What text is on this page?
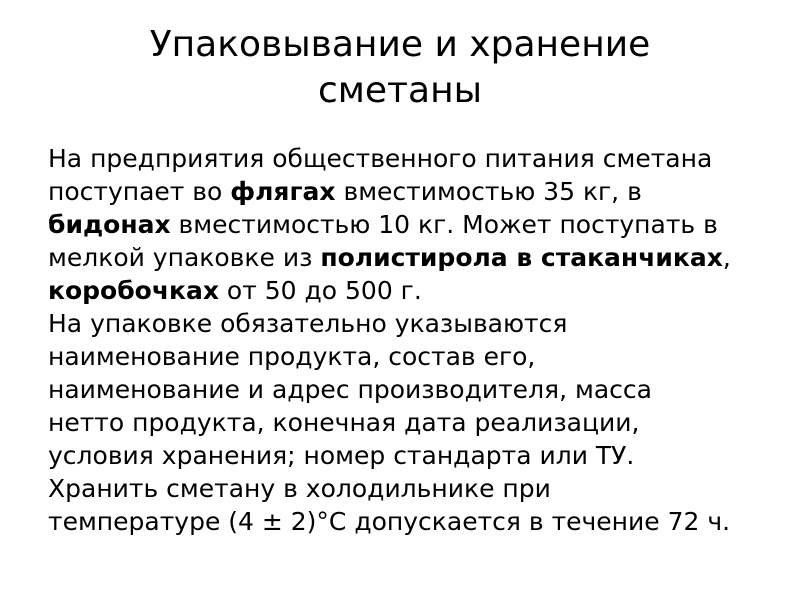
Упаковывание и хранение
сметаны
На предприятия общественного питания сметана
поступает во флягах вместимостью 35 кг, в
бидонах вместимостью 10 кг. Может поступать в
мелкой упаковке из полистирола в стаканчиках,
коробочках от 50 до 500 г.
На упаковке обязательно указываются
наименование продукта, состав его,
наименование и адрес производителя, масса
нетто продукта, конечная дата реализации,
условия хранения; номер стандарта или ТУ.
Хранить сметану в холодильнике при
температуре (4 ± 2)°С допускается в течение 72 ч.
